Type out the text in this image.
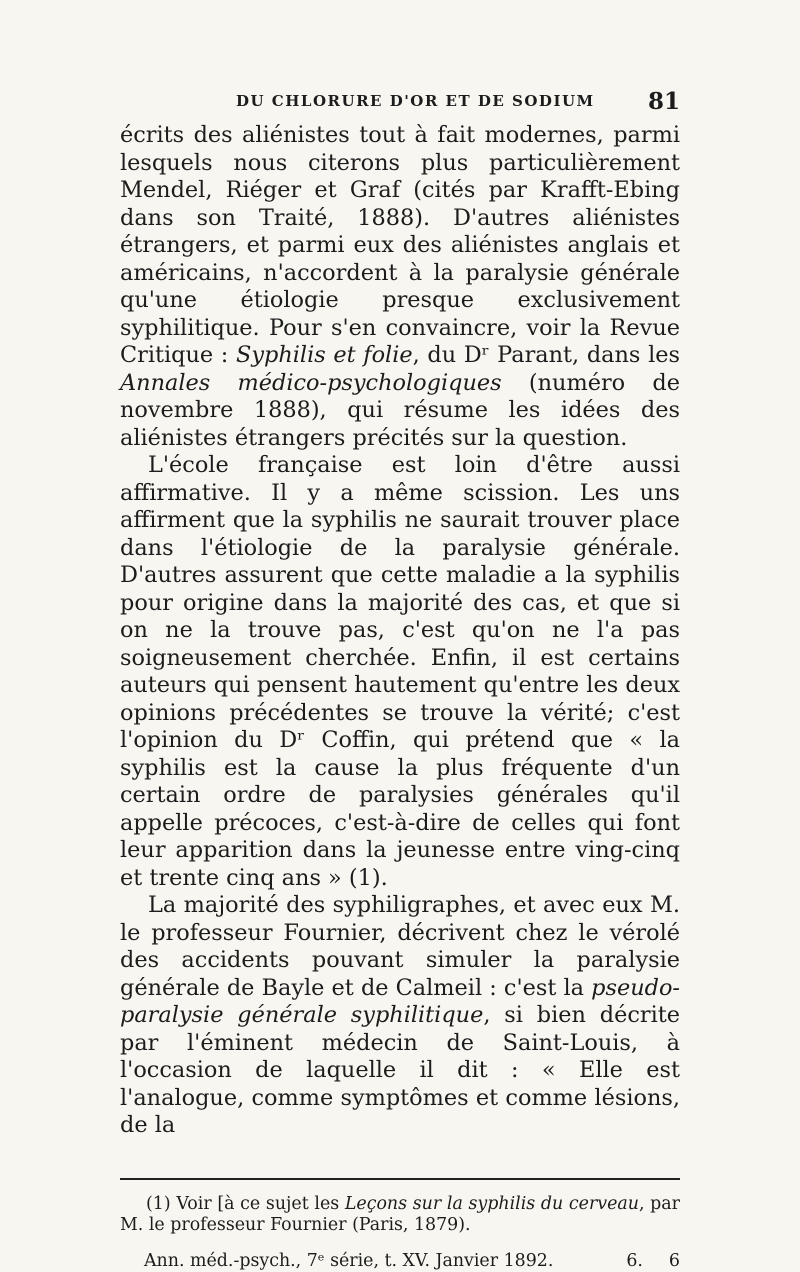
DU CHLORURE D'OR ET DE SODIUM 81

écrits des aliénistes tout à fait modernes, parmi lesquels nous citerons plus particulièrement Mendel, Riéger et Graf (cités par Krafft-Ebing dans son Traité, 1888). D'autres aliénistes étrangers, et parmi eux des aliénistes anglais et américains, n'accordent à la paralysie générale qu'une étiologie presque exclusivement syphilitique. Pour s'en convaincre, voir la Revue Critique : Syphilis et folie, du Dʳ Parant, dans les Annales médico-psychologiques (numéro de novembre 1888), qui résume les idées des aliénistes étrangers précités sur la question.

L'école française est loin d'être aussi affirmative. Il y a même scission. Les uns affirment que la syphilis ne saurait trouver place dans l'étiologie de la paralysie générale. D'autres assurent que cette maladie a la syphilis pour origine dans la majorité des cas, et que si on ne la trouve pas, c'est qu'on ne l'a pas soigneusement cherchée. Enfin, il est certains auteurs qui pensent hautement qu'entre les deux opinions précédentes se trouve la vérité; c'est l'opinion du Dʳ Coffin, qui prétend que « la syphilis est la cause la plus fréquente d'un certain ordre de paralysies générales qu'il appelle précoces, c'est-à-dire de celles qui font leur apparition dans la jeunesse entre ving-cinq et trente cinq ans » (1).

La majorité des syphiligraphes, et avec eux M. le professeur Fournier, décrivent chez le vérolé des accidents pouvant simuler la paralysie générale de Bayle et de Calmeil : c'est la pseudo-paralysie générale syphilitique, si bien décrite par l'éminent médecin de Saint-Louis, à l'occasion de laquelle il dit : « Elle est l'analogue, comme symptômes et comme lésions, de la

(1) Voir [à ce sujet les Leçons sur la syphilis du cerveau, par M. le professeur Fournier (Paris, 1879).

Ann. méd.-psych., 7ᵉ série, t. XV. Janvier 1892.	6. 6
